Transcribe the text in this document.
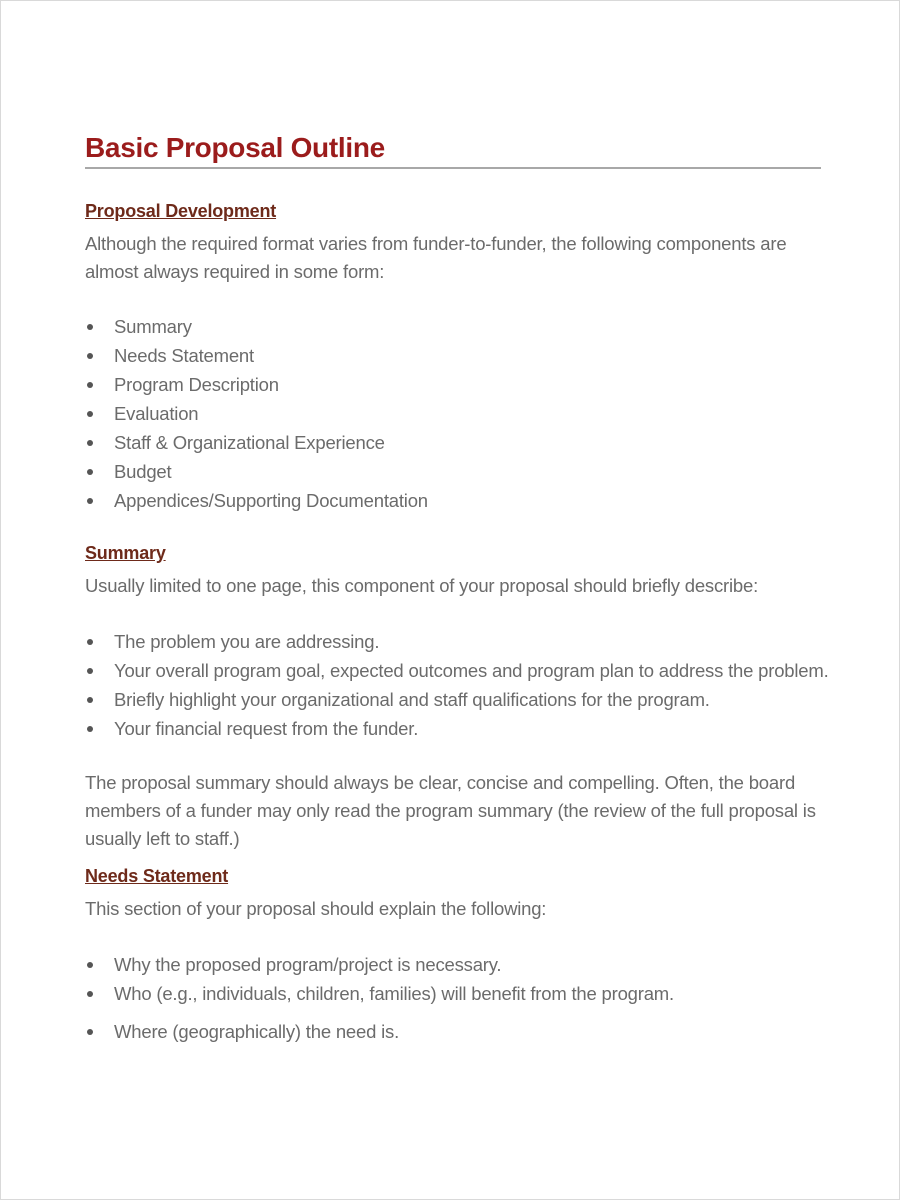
Basic Proposal Outline
Proposal Development

Although the required format varies from funder-to-funder, the following components are almost always required in some form:

Summary
Needs Statement
Program Description
Evaluation
Staff & Organizational Experience
Budget
Appendices/Supporting Documentation
Summary

Usually limited to one page, this component of your proposal should briefly describe:

The problem you are addressing.
Your overall program goal, expected outcomes and program plan to address the problem.
Briefly highlight your organizational and staff qualifications for the program.
Your financial request from the funder.

The proposal summary should always be clear, concise and compelling. Often, the board members of a funder may only read the program summary (the review of the full proposal is usually left to staff.)

Needs Statement

This section of your proposal should explain the following:

Why the proposed program/project is necessary.
Who (e.g., individuals, children, families) will benefit from the program.
Where (geographically) the need is.
